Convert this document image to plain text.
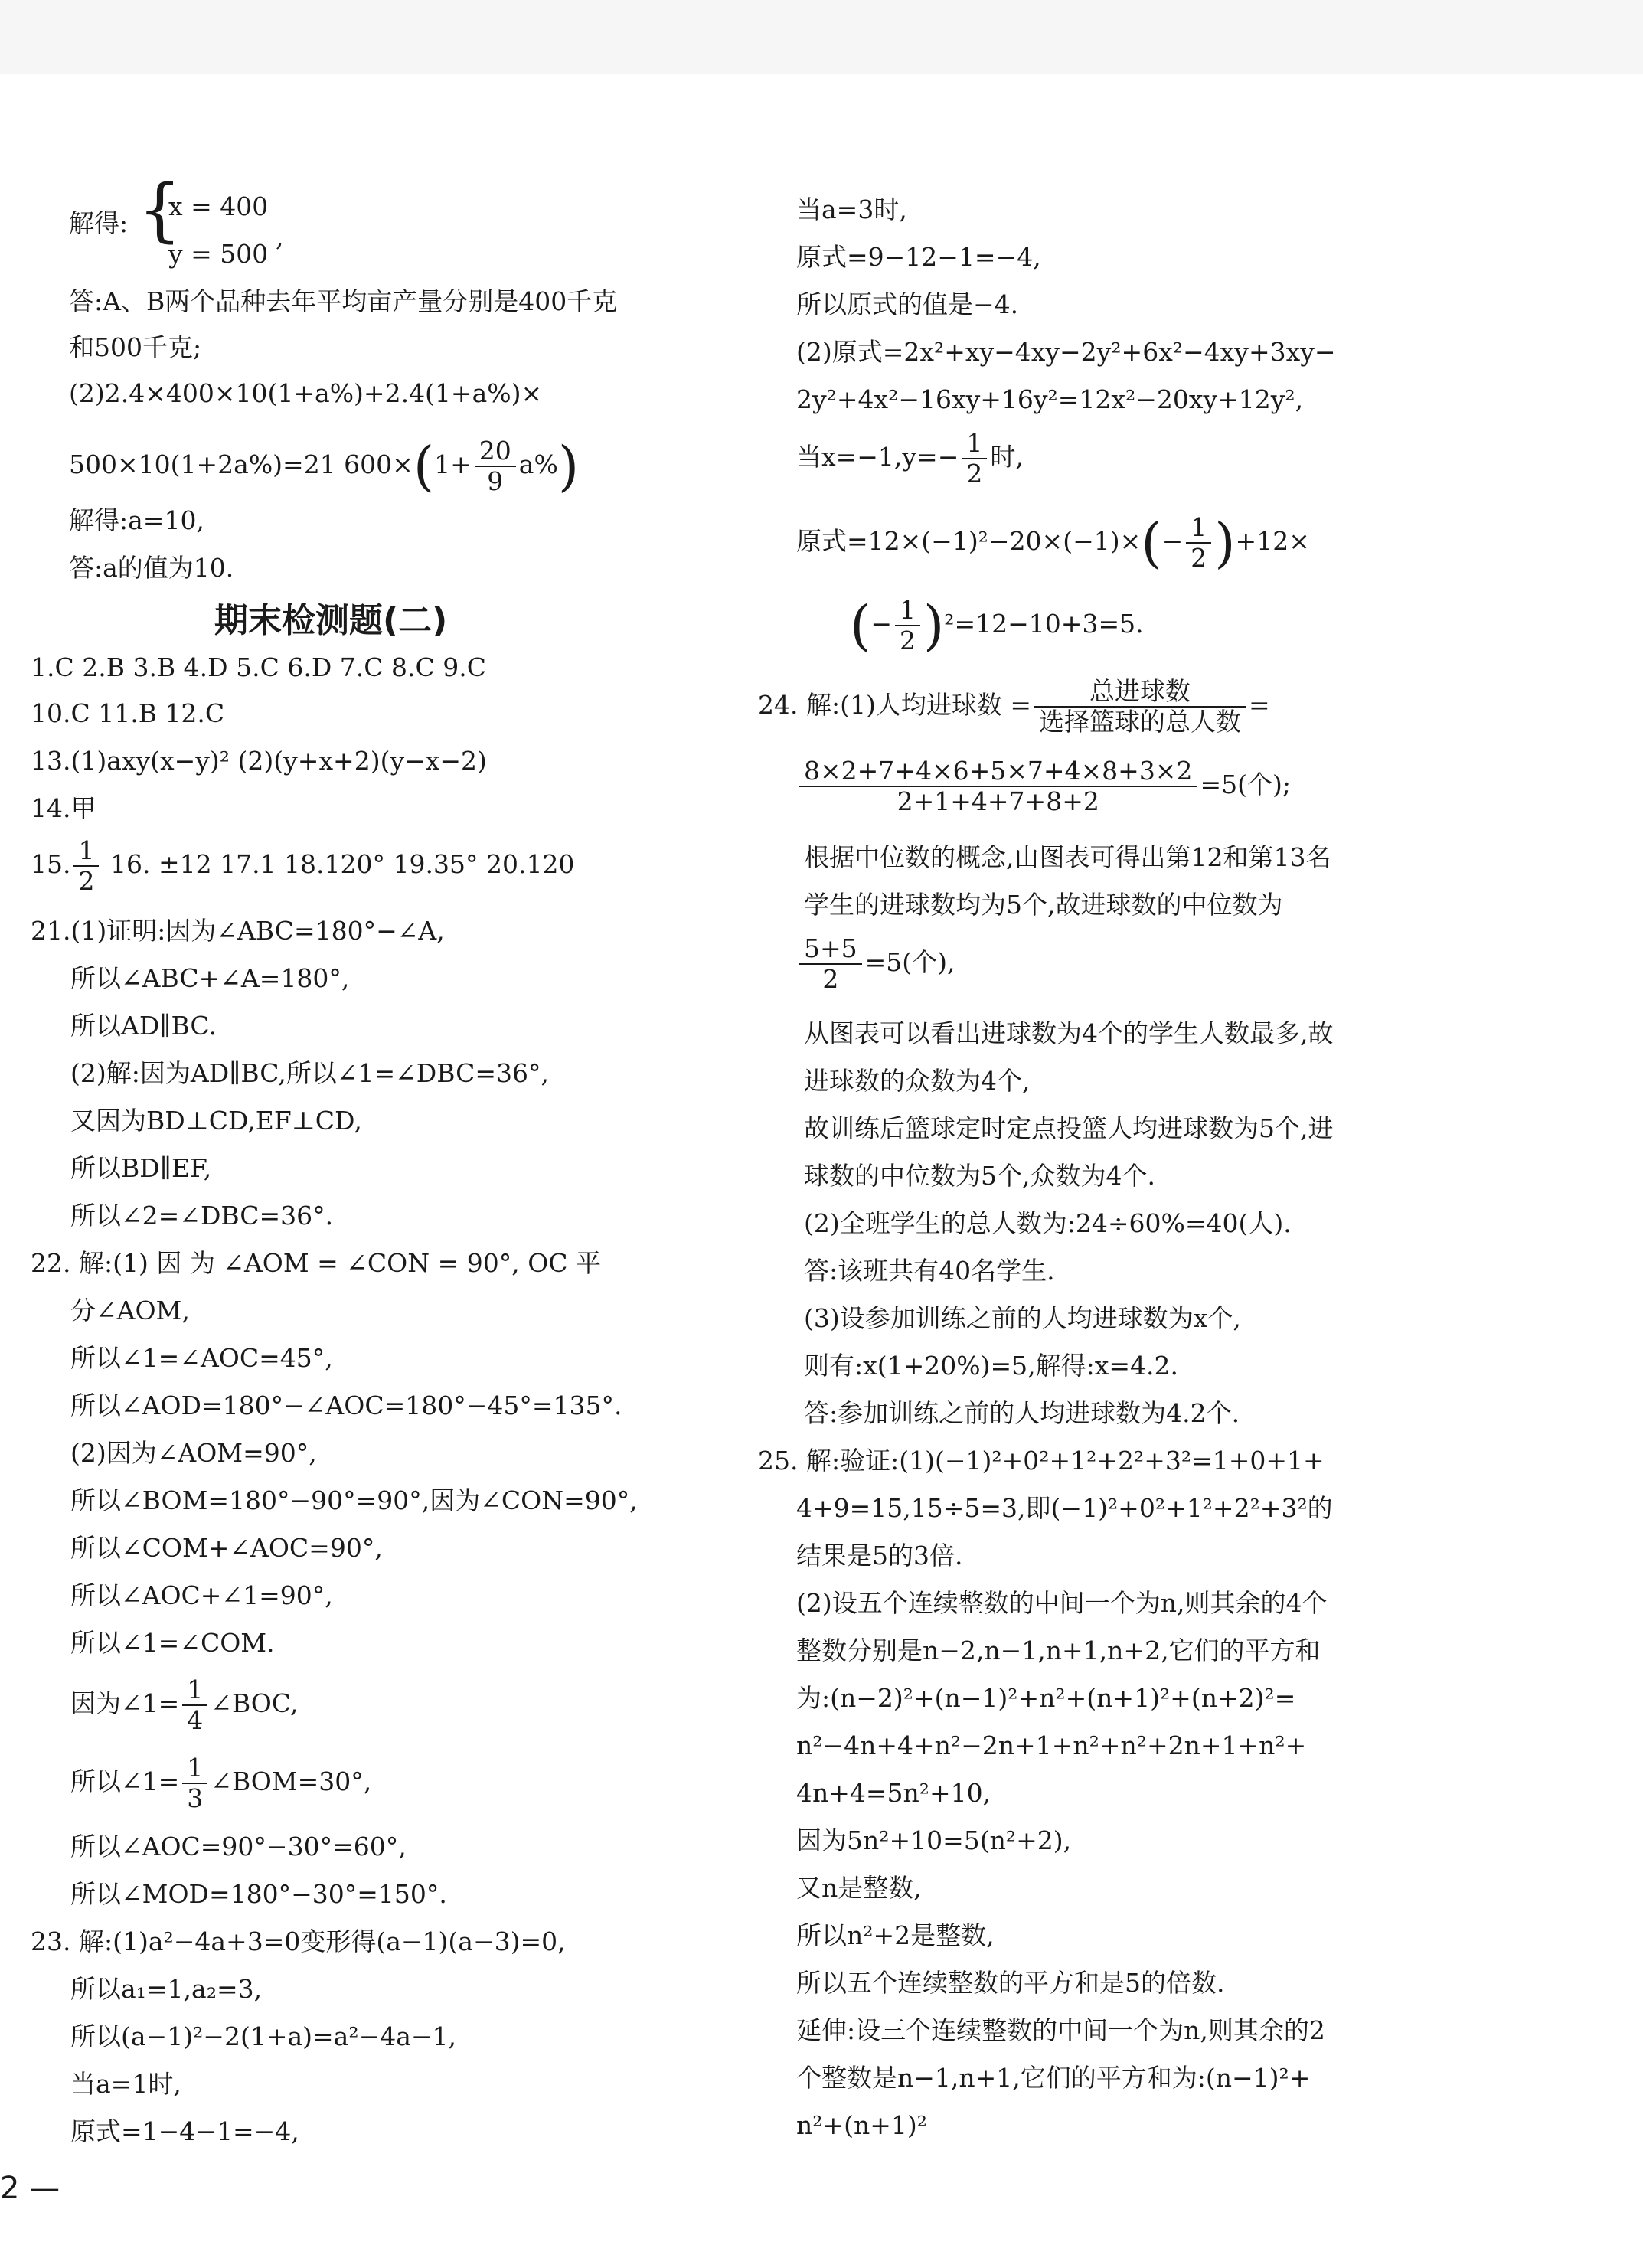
解得: {
x = 400
y = 500
,
答:A、B两个品种去年平均亩产量分别是400千克
和500千克;
(2)2.4×400×10(1+a%)+2.4(1+a%)×
500×10(1+2a%)=21 $600\times(1+ \frac{20}{9} a\%)$
解得:a=10,
答:a的值为10.
期末检测题(二)
1.C 2.B 3.B 4.D 5.C 6.D 7.C 8.C 9.C
10.C 11.B 12.C
13.(1)axy(x−y)² (2)(y+x+2)(y−x−2)
14.甲
15. $\frac{1}{2} 16$. ±12 17.1 18.120° 19.35° 20.120
21.(1)证明:因为∠ABC=180°−∠A,
所以∠ABC+∠A=180°,
所以AD∥BC.
(2)解:因为AD∥BC,所以∠1=∠DBC=36°,
又因为BD⊥CD,EF⊥CD,
所以BD∥EF,
所以∠2=∠DBC=36°.
22. 解:(1) 因 为 ∠AOM = ∠CON = 90°, OC 平
分∠AOM,
所以∠1=∠AOC=45°,
所以∠AOD=180°−∠AOC=180°−45°=135°.
(2)因为∠AOM=90°,
所以∠BOM=180°−90°=90°,因为∠CON=90°,
所以∠COM+∠AOC=90°,
所以∠AOC+∠1=90°,
所以∠1=∠COM.
因为∠1= $\frac{1}{4}$ ∠BOC,
所以∠1= $\frac{1}{3}$ ∠BOM=30°,
所以∠AOC=90°−30°=60°,
所以∠MOD=180°−30°=150°.
23. 解:(1)a²−4a+3=0变形得(a−1)(a−3)=0,
所以a₁=1,a₂=3,
所以(a−1)²−2(1+a)=a²−4a−1,
当a=1时,
原式=1−4−1=−4,
当a=3时,
原式=9−12−1=−4,
所以原式的值是−4.
(2)原式=2x²+xy−4xy−2y²+6x²−4xy+3xy−
2y²+4x²−16xy+16y²=12x²−20xy+12y²,
当$x=-1,y=- \frac{1}{2}$ 时,
原式$=12\times(-1)^2-20\times(-1)\times(- \frac{1}{2} )+12\times$
(− $\frac{1}{2} )^2=12-10+3=5$.
24. 解:(1)人均进球数 = $\frac{\text{总进球数}}{\text{选择篮球的总人数}}$ =
$\frac{8\times 2+7+4\times 6+5\times 7+4\times 8+3\times 2}{2+1+4+7+8+2} =5$(个);
根据中位数的概念,由图表可得出第12和第13名
学生的进球数均为5个,故进球数的中位数为
$\frac{5+5}{2} =5$(个),
从图表可以看出进球数为4个的学生人数最多,故
进球数的众数为4个,
故训练后篮球定时定点投篮人均进球数为5个,进
球数的中位数为5个,众数为4个.
(2)全班学生的总人数为:24÷60%=40(人).
答:该班共有40名学生.
(3)设参加训练之前的人均进球数为x个,
则有:x(1+20%)=5,解得:x=4.2.
答:参加训练之前的人均进球数为4.2个.
25. 解:验证:(1)(−1)²+0²+1²+2²+3²=1+0+1+
4+9=15,15÷5=3,即(−1)²+0²+1²+2²+3²的
结果是5的3倍.
(2)设五个连续整数的中间一个为n,则其余的4个
整数分别是n−2,n−1,n+1,n+2,它们的平方和
为:(n−2)²+(n−1)²+n²+(n+1)²+(n+2)²=
n²−4n+4+n²−2n+1+n²+n²+2n+1+n²+
4n+4=5n²+10,
因为5n²+10=5(n²+2),
又n是整数,
所以n²+2是整数,
所以五个连续整数的平方和是5的倍数.
延伸:设三个连续整数的中间一个为n,则其余的2
个整数是n−1,n+1,它们的平方和为:(n−1)²+
n²+(n+1)²
2 —
